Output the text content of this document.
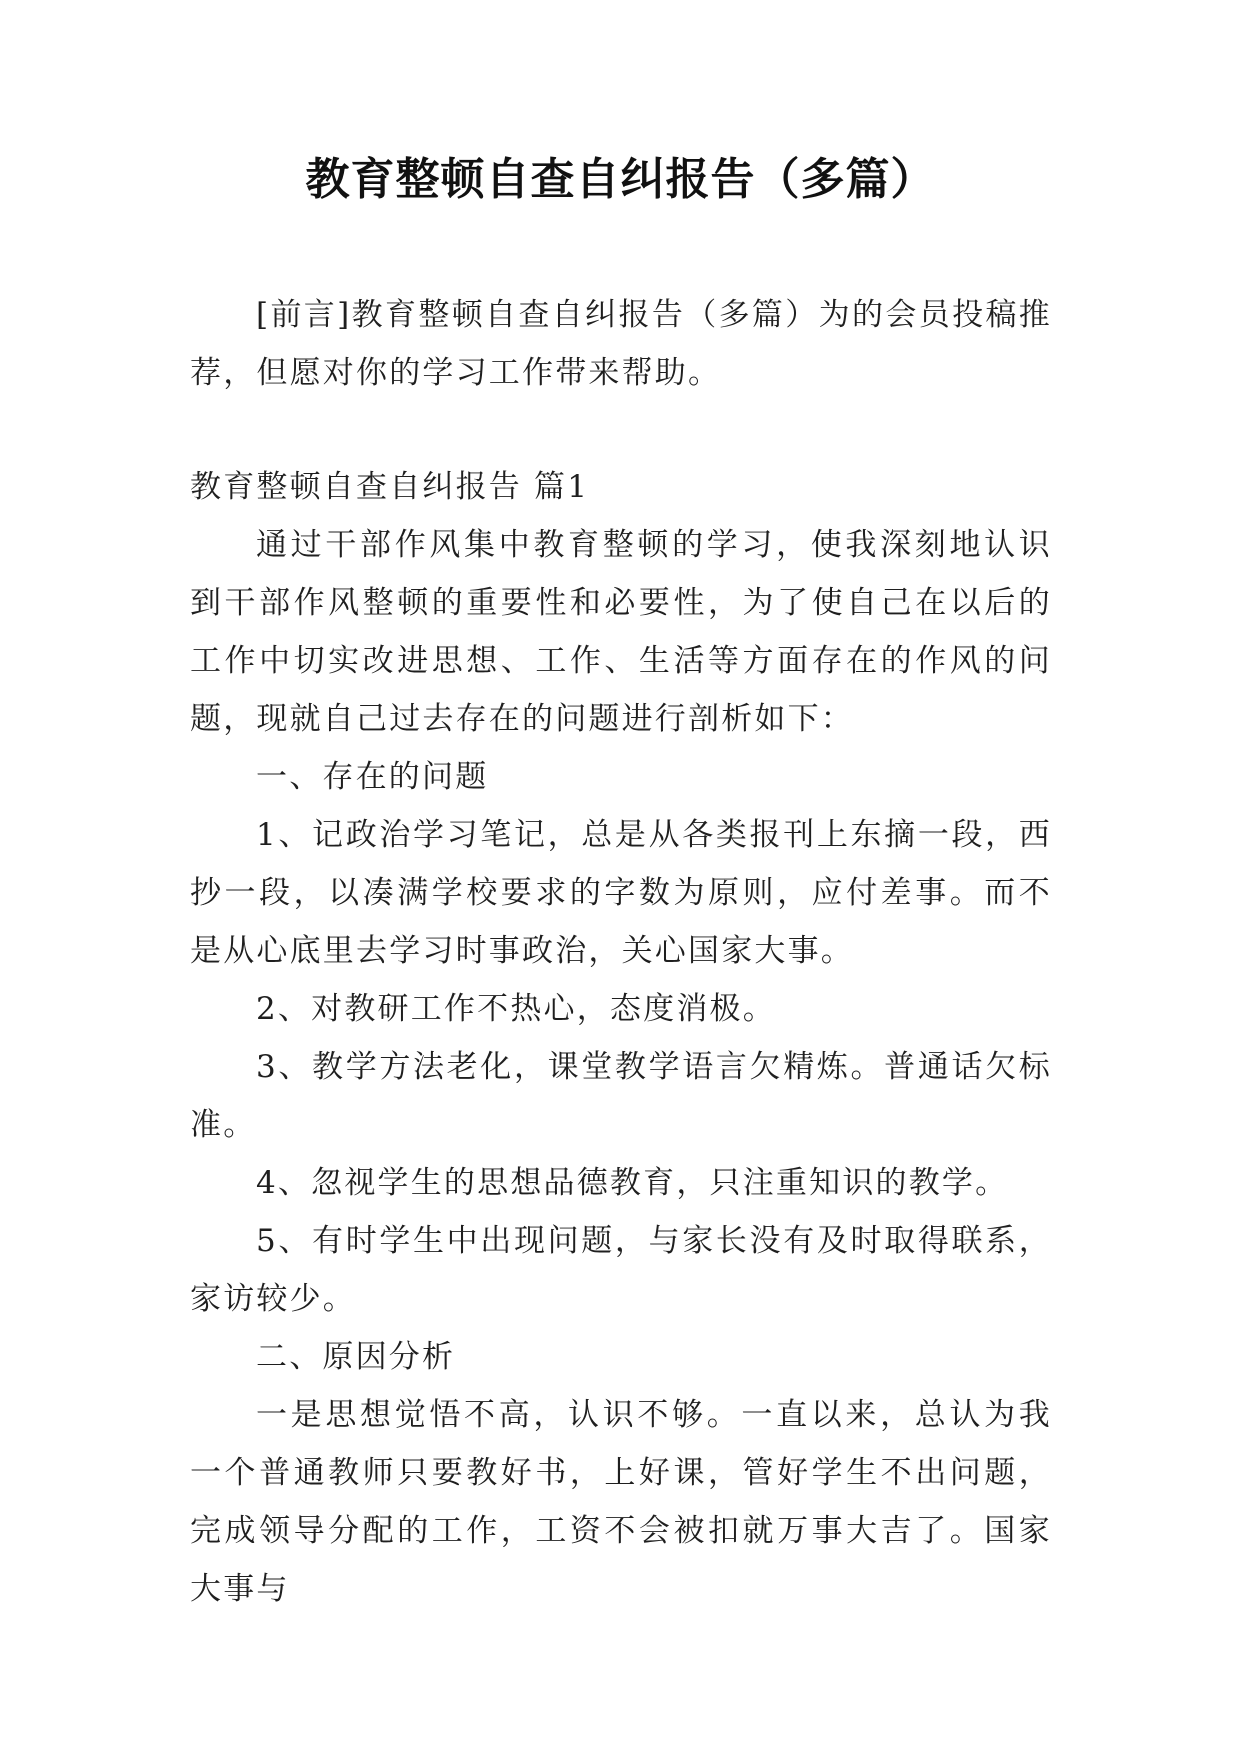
教育整顿自查自纠报告（多篇）

[前言]教育整顿自查自纠报告（多篇）为的会员投稿推荐，但愿对你的学习工作带来帮助。

教育整顿自查自纠报告 篇1

通过干部作风集中教育整顿的学习，使我深刻地认识到干部作风整顿的重要性和必要性，为了使自己在以后的工作中切实改进思想、工作、生活等方面存在的作风的问题，现就自己过去存在的问题进行剖析如下：

一、存在的问题

1、记政治学习笔记，总是从各类报刊上东摘一段，西抄一段，以凑满学校要求的字数为原则，应付差事。而不是从心底里去学习时事政治，关心国家大事。

2、对教研工作不热心，态度消极。

3、教学方法老化，课堂教学语言欠精炼。普通话欠标准。

4、忽视学生的思想品德教育，只注重知识的教学。

5、有时学生中出现问题，与家长没有及时取得联系，家访较少。

二、原因分析

一是思想觉悟不高，认识不够。一直以来，总认为我一个普通教师只要教好书，上好课，管好学生不出问题，完成领导分配的工作，工资不会被扣就万事大吉了。国家大事与
